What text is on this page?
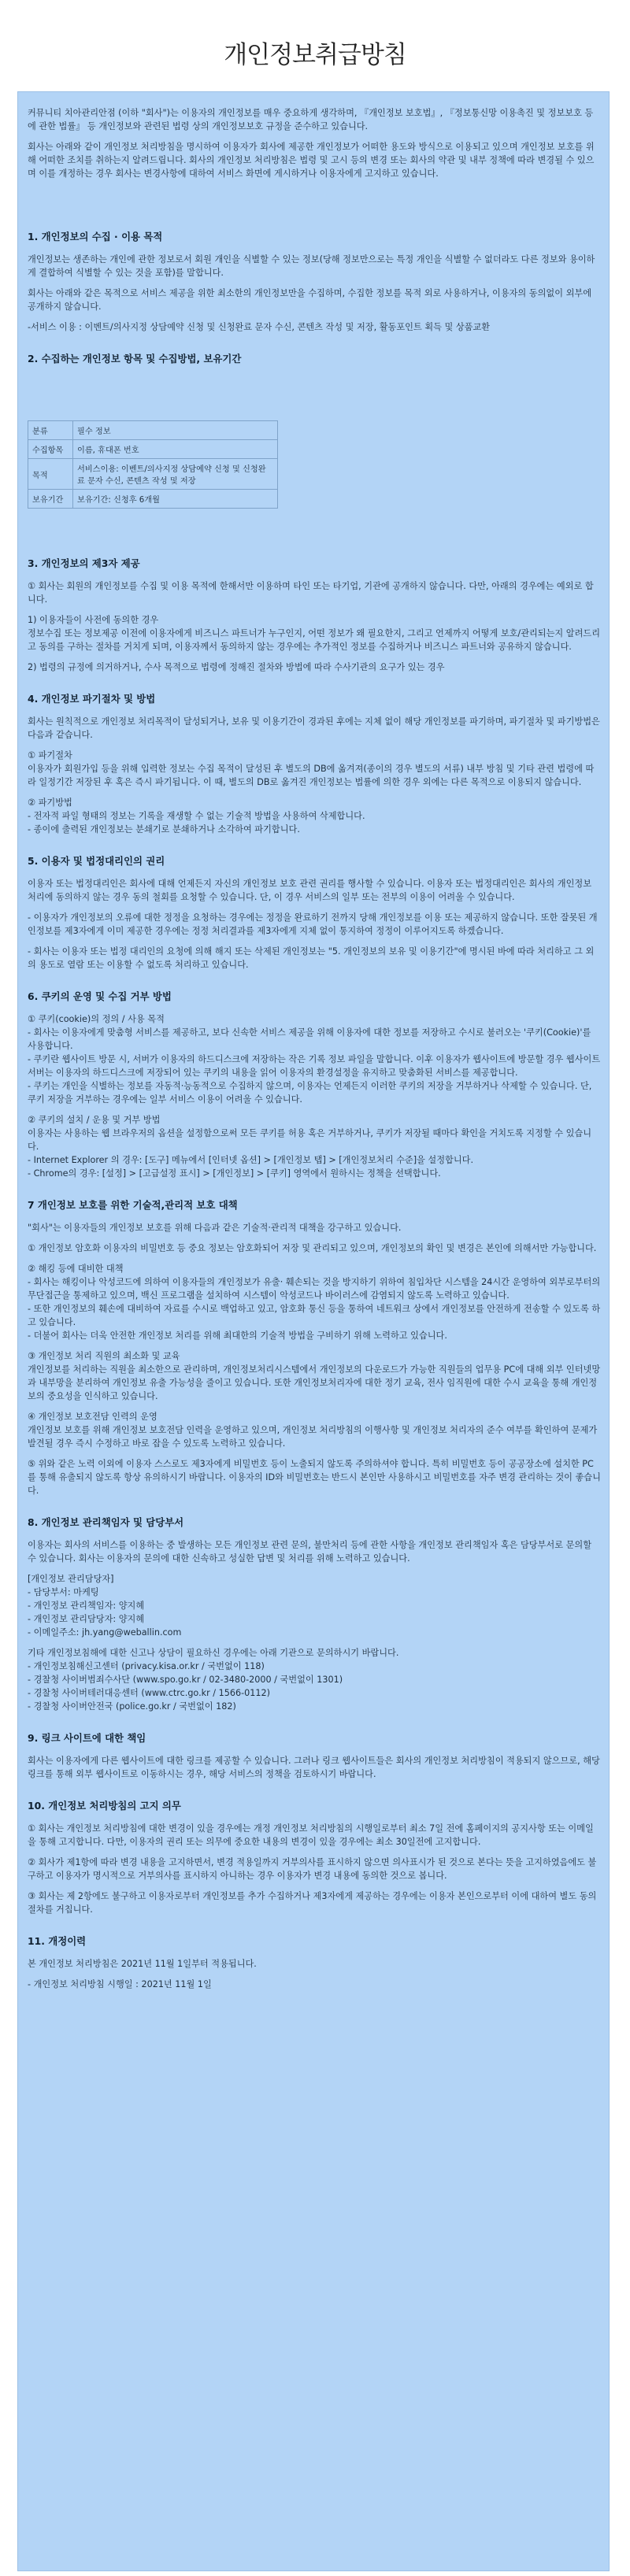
개인정보취급방침

커뮤니티 치아관리안점 (이하 "회사")는 이용자의 개인정보를 매우 중요하게 생각하며, 『개인정보 보호법』, 『정보통신망 이용촉진 및 정보보호 등에 관한 법률』 등 개인정보와 관련된 법령 상의 개인정보보호 규정을 준수하고 있습니다.

회사는 아래와 같이 개인정보 처리방침을 명시하여 이용자가 회사에 제공한 개인정보가 어떠한 용도와 방식으로 이용되고 있으며 개인정보 보호를 위해 어떠한 조치를 취하는지 알려드립니다. 회사의 개인정보 처리방침은 법령 및 고시 등의 변경 또는 회사의 약관 및 내부 정책에 따라 변경될 수 있으며 이를 개정하는 경우 회사는 변경사항에 대하여 서비스 화면에 게시하거나 이용자에게 고지하고 있습니다.

1. 개인정보의 수집 · 이용 목적

개인정보는 생존하는 개인에 관한 정보로서 회원 개인을 식별할 수 있는 정보(당해 정보만으로는 특정 개인을 식별할 수 없더라도 다른 정보와 용이하게 결합하여 식별할 수 있는 것을 포함)를 말합니다.

회사는 아래와 같은 목적으로 서비스 제공을 위한 최소한의 개인정보만을 수집하며, 수집한 정보를 목적 외로 사용하거나, 이용자의 동의없이 외부에 공개하지 않습니다.

-서비스 이용 : 이벤트/의사지정 상담예약 신청 및 신청완료 문자 수신, 콘텐츠 작성 및 저장, 활동포인트 획득 및 상품교환

2. 수집하는 개인정보 항목 및 수집방법, 보유기간
분류	필수 정보
수집항목	이름, 휴대폰 번호
목적	서비스이용: 이벤트/의사지정 상담예약 신청 및 신청완료 문자 수신, 콘텐츠 작성 및 저장
보유기간	보유기간: 신청후 6개월
3. 개인정보의 제3자 제공

① 회사는 회원의 개인정보를 수집 및 이용 목적에 한해서만 이용하며 타인 또는 타기업, 기관에 공개하지 않습니다. 다만, 아래의 경우에는 예외로 합니다.

1) 이용자들이 사전에 동의한 경우
정보수집 또는 정보제공 이전에 이용자에게 비즈니스 파트너가 누구인지, 어떤 정보가 왜 필요한지, 그리고 언제까지 어떻게 보호/관리되는지 알려드리고 동의를 구하는 절차를 거치게 되며, 이용자께서 동의하지 않는 경우에는 추가적인 정보를 수집하거나 비즈니스 파트너와 공유하지 않습니다.

2) 법령의 규정에 의거하거나, 수사 목적으로 법령에 정해진 절차와 방법에 따라 수사기관의 요구가 있는 경우

4. 개인정보 파기절차 및 방법

회사는 원칙적으로 개인정보 처리목적이 달성되거나, 보유 및 이용기간이 경과된 후에는 지체 없이 해당 개인정보를 파기하며, 파기절차 및 파기방법은 다음과 같습니다.

① 파기절차
이용자가 회원가입 등을 위해 입력한 정보는 수집 목적이 달성된 후 별도의 DB에 옮겨져(종이의 경우 별도의 서류) 내부 방침 및 기타 관련 법령에 따라 일정기간 저장된 후 혹은 즉시 파기됩니다. 이 때, 별도의 DB로 옮겨진 개인정보는 법률에 의한 경우 외에는 다른 목적으로 이용되지 않습니다.

② 파기방법
- 전자적 파일 형태의 정보는 기록을 재생할 수 없는 기술적 방법을 사용하여 삭제합니다.
- 종이에 출력된 개인정보는 분쇄기로 분쇄하거나 소각하여 파기합니다.

5. 이용자 및 법정대리인의 권리

이용자 또는 법정대리인은 회사에 대해 언제든지 자신의 개인정보 보호 관련 권리를 행사할 수 있습니다. 이용자 또는 법정대리인은 회사의 개인정보 처리에 동의하지 않는 경우 동의 철회를 요청할 수 있습니다. 단, 이 경우 서비스의 일부 또는 전부의 이용이 어려울 수 있습니다.

- 이용자가 개인정보의 오류에 대한 정정을 요청하는 경우에는 정정을 완료하기 전까지 당해 개인정보를 이용 또는 제공하지 않습니다. 또한 잘못된 개인정보를 제3자에게 이미 제공한 경우에는 정정 처리결과를 제3자에게 지체 없이 통지하여 정정이 이루어지도록 하겠습니다.

- 회사는 이용자 또는 법정 대리인의 요청에 의해 해지 또는 삭제된 개인정보는 "5. 개인정보의 보유 및 이용기간"에 명시된 바에 따라 처리하고 그 외의 용도로 열람 또는 이용할 수 없도록 처리하고 있습니다.

6. 쿠키의 운영 및 수집 거부 방법

① 쿠키(cookie)의 정의 / 사용 목적
- 회사는 이용자에게 맞춤형 서비스를 제공하고, 보다 신속한 서비스 제공을 위해 이용자에 대한 정보를 저장하고 수시로 불러오는 '쿠키(Cookie)'를 사용합니다.
- 쿠키란 웹사이트 방문 시, 서버가 이용자의 하드디스크에 저장하는 작은 기록 정보 파일을 말합니다. 이후 이용자가 웹사이트에 방문할 경우 웹사이트 서버는 이용자의 하드디스크에 저장되어 있는 쿠키의 내용을 읽어 이용자의 환경설정을 유지하고 맞춤화된 서비스를 제공합니다.
- 쿠키는 개인을 식별하는 정보를 자동적·능동적으로 수집하지 않으며, 이용자는 언제든지 이러한 쿠키의 저장을 거부하거나 삭제할 수 있습니다. 단, 쿠키 저장을 거부하는 경우에는 일부 서비스 이용이 어려울 수 있습니다.

② 쿠키의 설치 / 운용 및 거부 방법
이용자는 사용하는 웹 브라우저의 옵션을 설정함으로써 모든 쿠키를 허용 혹은 거부하거나, 쿠키가 저장될 때마다 확인을 거치도록 지정할 수 있습니다.
- Internet Explorer 의 경우: [도구] 메뉴에서 [인터넷 옵션] > [개인정보 탭] > [개인정보처리 수준]을 설정합니다.
- Chrome의 경우: [설정] > [고급설정 표시] > [개인정보] > [쿠키] 영역에서 원하시는 정책을 선택합니다.

7 개인정보 보호를 위한 기술적,관리적 보호 대책

"회사"는 이용자들의 개인정보 보호를 위해 다음과 같은 기술적·관리적 대책을 강구하고 있습니다.

① 개인정보 암호화 이용자의 비밀번호 등 중요 정보는 암호화되어 저장 및 관리되고 있으며, 개인정보의 확인 및 변경은 본인에 의해서만 가능합니다.

② 해킹 등에 대비한 대책
- 회사는 해킹이나 악성코드에 의하여 이용자들의 개인정보가 유출· 훼손되는 것을 방지하기 위하여 침입차단 시스템을 24시간 운영하여 외부로부터의 무단접근을 통제하고 있으며, 백신 프로그램을 설치하여 시스템이 악성코드나 바이러스에 감염되지 않도록 노력하고 있습니다.
- 또한 개인정보의 훼손에 대비하여 자료를 수시로 백업하고 있고, 암호화 통신 등을 통하여 네트워크 상에서 개인정보를 안전하게 전송할 수 있도록 하고 있습니다.
- 더불어 회사는 더욱 안전한 개인정보 처리를 위해 최대한의 기술적 방법을 구비하기 위해 노력하고 있습니다.

③ 개인정보 처리 직원의 최소화 및 교육
개인정보를 처리하는 직원을 최소한으로 관리하며, 개인정보처리시스템에서 개인정보의 다운로드가 가능한 직원들의 업무용 PC에 대해 외부 인터넷망과 내부망을 분리하여 개인정보 유출 가능성을 줄이고 있습니다. 또한 개인정보처리자에 대한 정기 교육, 전사 임직원에 대한 수시 교육을 통해 개인정보의 중요성을 인식하고 있습니다.

④ 개인정보 보호전담 인력의 운영
개인정보 보호를 위해 개인정보 보호전담 인력을 운영하고 있으며, 개인정보 처리방침의 이행사항 및 개인정보 처리자의 준수 여부를 확인하여 문제가 발견될 경우 즉시 수정하고 바로 잡을 수 있도록 노력하고 있습니다.

⑤ 위와 같은 노력 이외에 이용자 스스로도 제3자에게 비밀번호 등이 노출되지 않도록 주의하셔야 합니다. 특히 비밀번호 등이 공공장소에 설치한 PC를 통해 유출되지 않도록 항상 유의하시기 바랍니다. 이용자의 ID와 비밀번호는 반드시 본인만 사용하시고 비밀번호를 자주 변경 관리하는 것이 좋습니다.

8. 개인정보 관리책임자 및 담당부서

이용자는 회사의 서비스를 이용하는 중 발생하는 모든 개인정보 관련 문의, 불만처리 등에 관한 사항을 개인정보 관리책임자 혹은 담당부서로 문의할 수 있습니다. 회사는 이용자의 문의에 대한 신속하고 성실한 답변 및 처리를 위해 노력하고 있습니다.

[개인정보 관리담당자]
- 담당부서: 마케팅
- 개인정보 관리책임자: 양지혜
- 개인정보 관리담당자: 양지혜
- 이메일주소: jh.yang@weballin.com

기타 개인정보침해에 대한 신고나 상담이 필요하신 경우에는 아래 기관으로 문의하시기 바랍니다.
- 개인정보침해신고센터 (privacy.kisa.or.kr / 국번없이 118)
- 경찰청 사이버범죄수사단 (www.spo.go.kr / 02-3480-2000 / 국번없이 1301)
- 경찰청 사이버테러대응센터 (www.ctrc.go.kr / 1566-0112)
- 경찰청 사이버안전국 (police.go.kr / 국번없이 182)

9. 링크 사이트에 대한 책임

회사는 이용자에게 다른 웹사이트에 대한 링크를 제공할 수 있습니다. 그러나 링크 웹사이트들은 회사의 개인정보 처리방침이 적용되지 않으므로, 해당 링크를 통해 외부 웹사이트로 이동하시는 경우, 해당 서비스의 정책을 검토하시기 바랍니다.

10. 개인정보 처리방침의 고지 의무

① 회사는 개인정보 처리방침에 대한 변경이 있을 경우에는 개정 개인정보 처리방침의 시행일로부터 최소 7일 전에 홈페이지의 공지사항 또는 이메일을 통해 고지합니다. 다만, 이용자의 권리 또는 의무에 중요한 내용의 변경이 있을 경우에는 최소 30일전에 고지합니다.

② 회사가 제1항에 따라 변경 내용을 고지하면서, 변경 적용일까지 거부의사를 표시하지 않으면 의사표시가 된 것으로 본다는 뜻을 고지하였음에도 불구하고 이용자가 명시적으로 거부의사를 표시하지 아니하는 경우 이용자가 변경 내용에 동의한 것으로 봅니다.

③ 회사는 제 2항에도 불구하고 이용자로부터 개인정보를 추가 수집하거나 제3자에게 제공하는 경우에는 이용자 본인으로부터 이에 대하여 별도 동의 절차를 거칩니다.

11. 개정이력

본 개인정보 처리방침은 2021년 11월 1일부터 적용됩니다.

- 개인정보 처리방침 시행일 : 2021년 11월 1일
